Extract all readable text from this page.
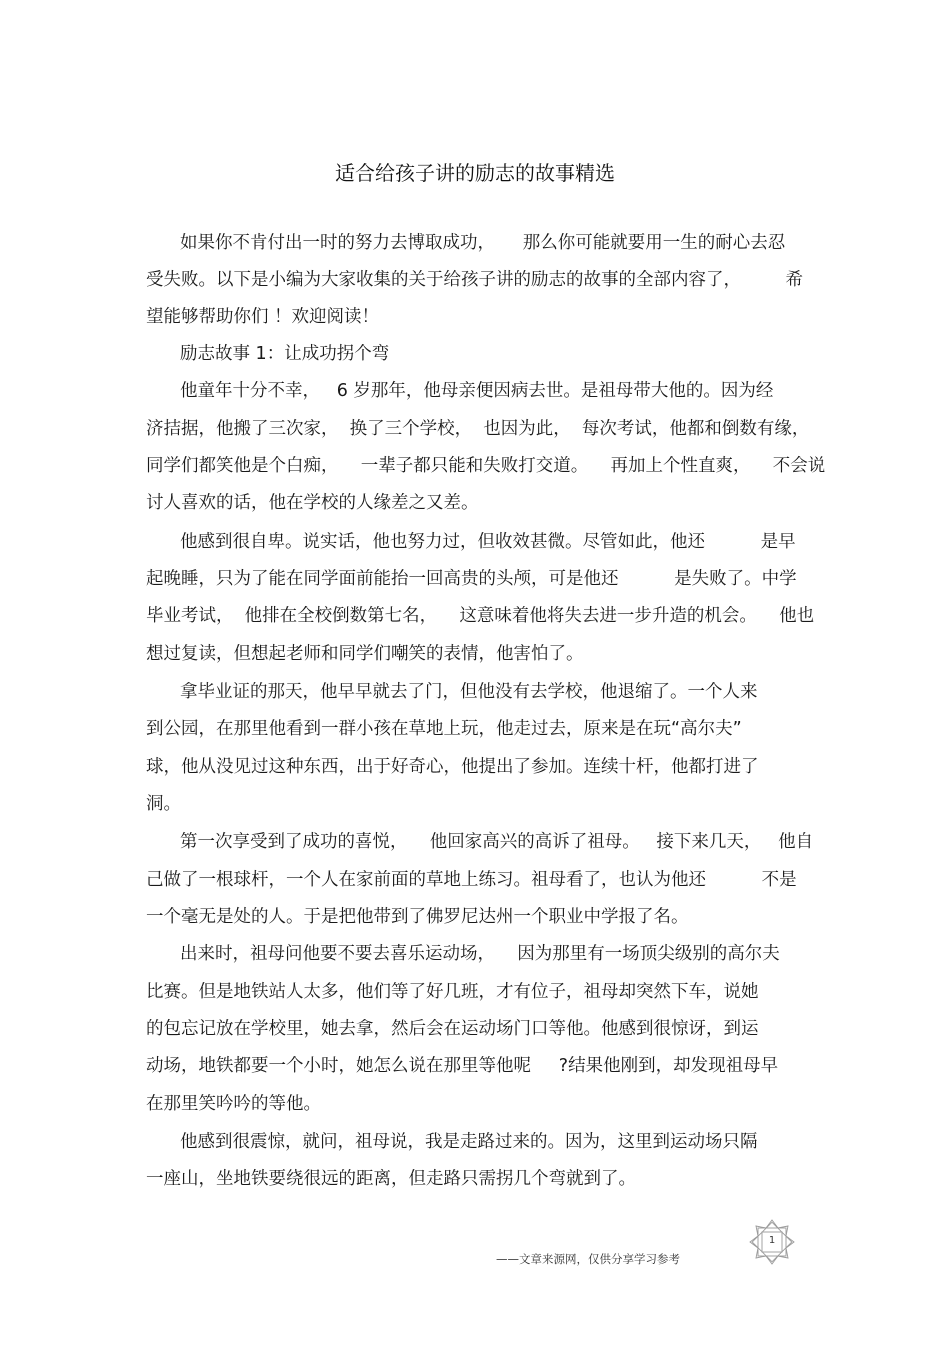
适合给孩子讲的励志的故事精选
如果你不肯付出一时的努力去博取成功，     那么你可能就要用一生的耐心去忍
受失败。以下是小编为大家收集的关于给孩子讲的励志的故事的全部内容了，        希
望能够帮助你们 ！欢迎阅读！
励志故事 1：让成功拐个弯
他童年十分不幸，   6 岁那年，他母亲便因病去世。是祖母带大他的。因为经
济拮据，他搬了三次家，  换了三个学校，  也因为此，  每次考试，他都和倒数有缘，
同学们都笑他是个白痴，    一辈子都只能和失败打交道。    再加上个性直爽，    不会说
讨人喜欢的话，他在学校的人缘差之又差。
他感到很自卑。说实话，他也努力过，但收效甚微。尽管如此，他还          是早
起晚睡，只为了能在同学面前能抬一回高贵的头颅，可是他还          是失败了。中学
毕业考试，  他排在全校倒数第七名，    这意味着他将失去进一步升造的机会。    他也
想过复读，但想起老师和同学们嘲笑的表情，他害怕了。
拿毕业证的那天，他早早就去了门，但他没有去学校，他退缩了。一个人来
到公园，在那里他看到一群小孩在草地上玩，他走过去，原来是在玩“高尔夫”
球，他从没见过这种东西，出于好奇心，他提出了参加。连续十杆，他都打进了
洞。
第一次享受到了成功的喜悦，    他回家高兴的高诉了祖母。   接下来几天，   他自
己做了一根球杆，一个人在家前面的草地上练习。祖母看了，也认为他还          不是
一个毫无是处的人。于是把他带到了佛罗尼达州一个职业中学报了名。
出来时，祖母问他要不要去喜乐运动场，    因为那里有一场顶尖级别的高尔夫
比赛。但是地铁站人太多，他们等了好几班，才有位子，祖母却突然下车，说她
的包忘记放在学校里，她去拿，然后会在运动场门口等他。他感到很惊讶，到运
动场，地铁都要一个小时，她怎么说在那里等他呢     ?结果他刚到，却发现祖母早
在那里笑吟吟的等他。
他感到很震惊，就问，祖母说，我是走路过来的。因为，这里到运动场只隔
一座山，坐地铁要绕很远的距离，但走路只需拐几个弯就到了。
1
——文章来源网，仅供分享学习参考
